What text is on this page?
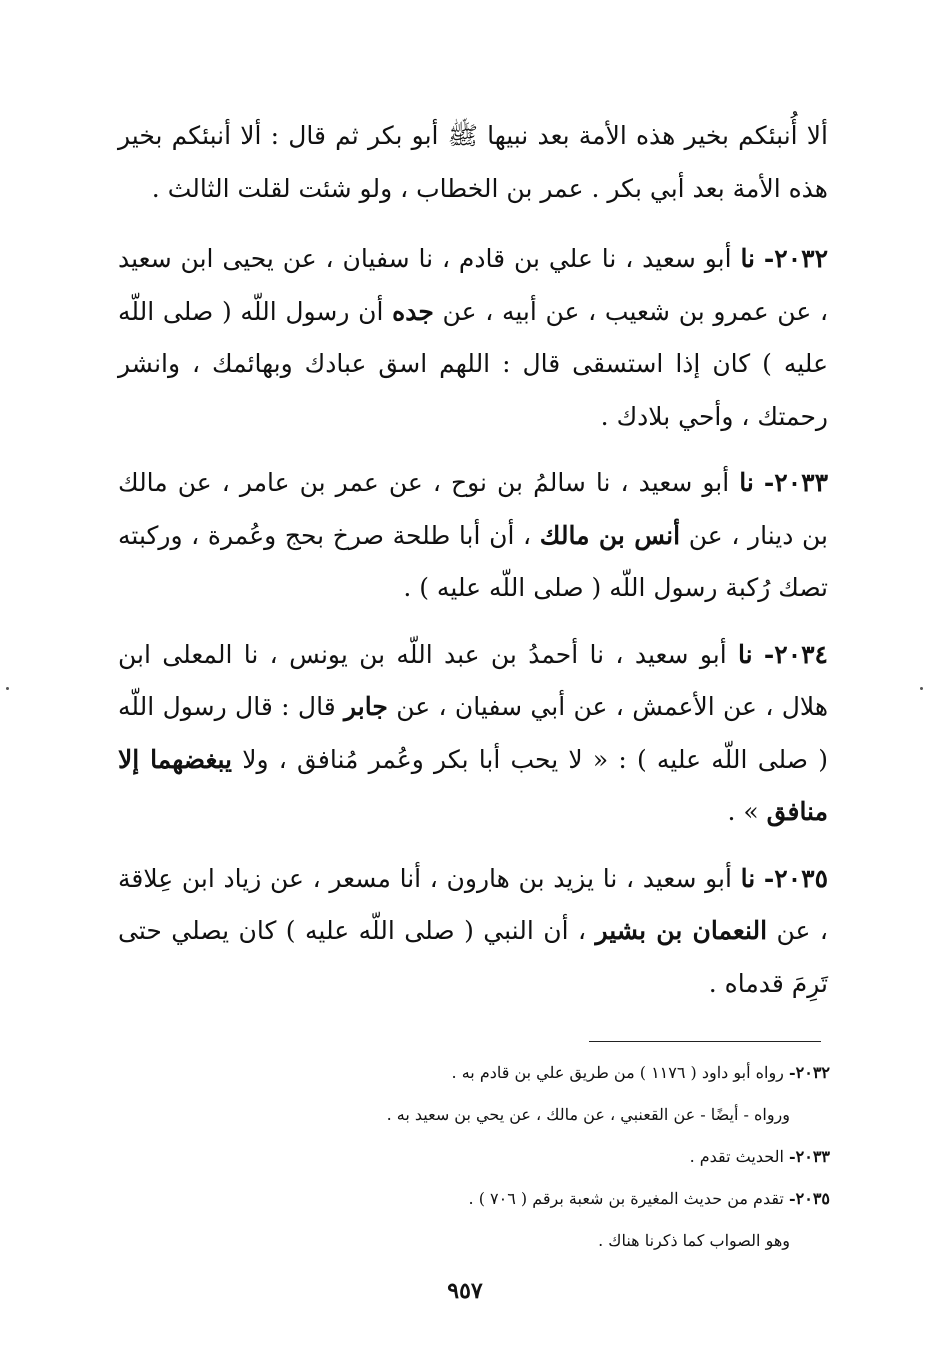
ألا أُنبئكم بخير هذه الأمة بعد نبيها ﷺ أبو بكر ثم قال : ألا أنبئكم بخير هذه الأمة بعد أبي بكر . عمر بن الخطاب ، ولو شئت لقلت الثالث .

٢٠٣٢- نا أبو سعيد ، نا علي بن قادم ، نا سفيان ، عن يحيى ابن سعيد ، عن عمرو بن شعيب ، عن أبيه ، عن جده أن رسول اللّه ( صلى اللّه عليه ) كان إذا استسقى قال : اللهم اسق عبادك وبهائمك ، وانشر رحمتك ، وأحي بلادك .

٢٠٣٣- نا أبو سعيد ، نا سالمُ بن نوح ، عن عمر بن عامر ، عن مالك بن دينار ، عن أنس بن مالك ، أن أبا طلحة صرخ بحج وعُمرة ، وركبته تصك رُكبة رسول اللّه ( صلى اللّه عليه ) .

٢٠٣٤- نا أبو سعيد ، نا أحمدُ بن عبد اللّه بن يونس ، نا المعلى ابن هلال ، عن الأعمش ، عن أبي سفيان ، عن جابر قال : قال رسول اللّه ( صلى اللّه عليه ) : « لا يحب أبا بكر وعُمر مُنافق ، ولا يبغضهما إلا منافق » .

٢٠٣٥- نا أبو سعيد ، نا يزيد بن هارون ، أنا مسعر ، عن زياد ابن عِلاقة ، عن النعمان بن بشير ، أن النبي ( صلى اللّه عليه ) كان يصلي حتى تَرِمَ قدماه .

٢٠٣٢- رواه أبو داود ( ١١٧٦ ) من طريق علي بن قادم به .
ورواه - أيضًا - عن القعنبي ، عن مالك ، عن يحي بن سعيد به .
٢٠٣٣- الحديث تقدم .
٢٠٣٥- تقدم من حديث المغيرة بن شعبة برقم ( ٧٠٦ ) .
وهو الصواب كما ذكرنا هناك .
٩٥٧
